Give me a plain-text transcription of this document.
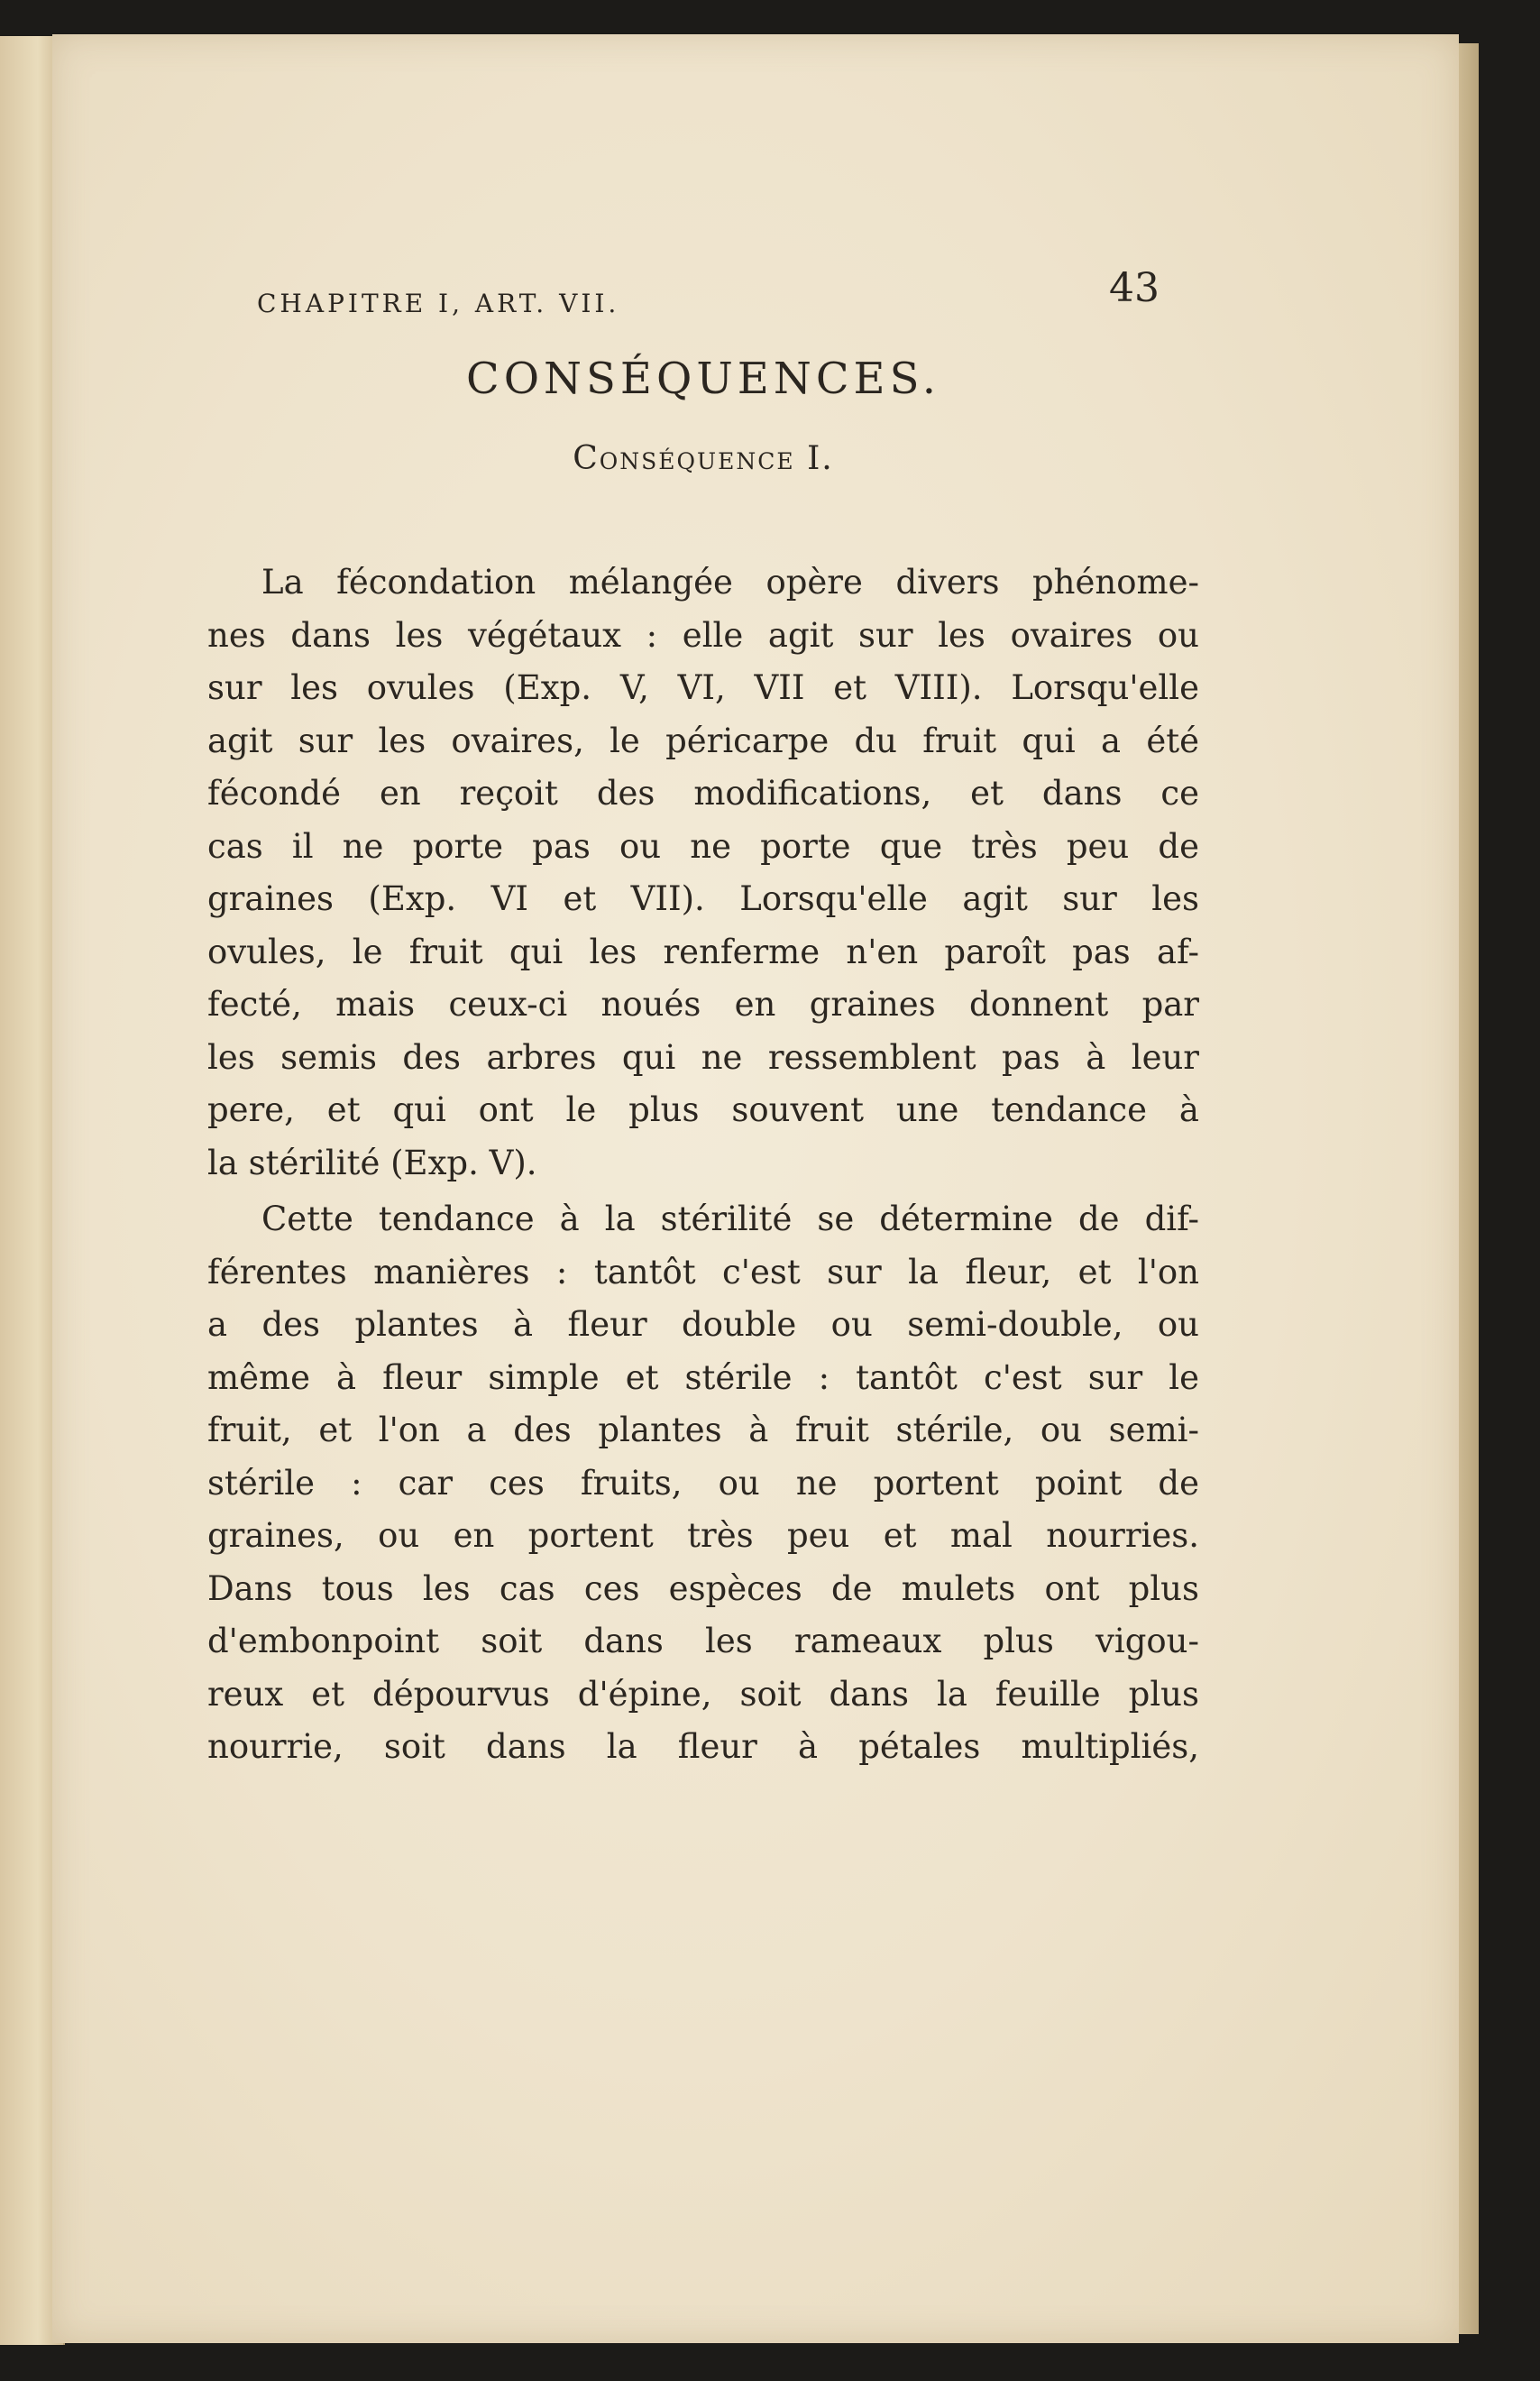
CHAPITRE I, ART. VII.	43
CONSÉQUENCES.
Conséquence I.
La fécondation mélangée opère divers phénome-
nes dans les végétaux : elle agit sur les ovaires ou
sur les ovules (Exp. V, VI, VII et VIII). Lorsqu'elle
agit sur les ovaires, le péricarpe du fruit qui a été
fécondé en reçoit des modifications, et dans ce
cas il ne porte pas ou ne porte que très peu de
graines (Exp. VI et VII). Lorsqu'elle agit sur les
ovules, le fruit qui les renferme n'en paroît pas af-
fecté, mais ceux-ci noués en graines donnent par
les semis des arbres qui ne ressemblent pas à leur
pere, et qui ont le plus souvent une tendance à
la stérilité (Exp. V).
Cette tendance à la stérilité se détermine de dif-
férentes manières : tantôt c'est sur la fleur, et l'on
a des plantes à fleur double ou semi-double, ou
même à fleur simple et stérile : tantôt c'est sur le
fruit, et l'on a des plantes à fruit stérile, ou semi-
stérile : car ces fruits, ou ne portent point de
graines, ou en portent très peu et mal nourries.
Dans tous les cas ces espèces de mulets ont plus
d'embonpoint soit dans les rameaux plus vigou-
reux et dépourvus d'épine, soit dans la feuille plus
nourrie, soit dans la fleur à pétales multipliés,
